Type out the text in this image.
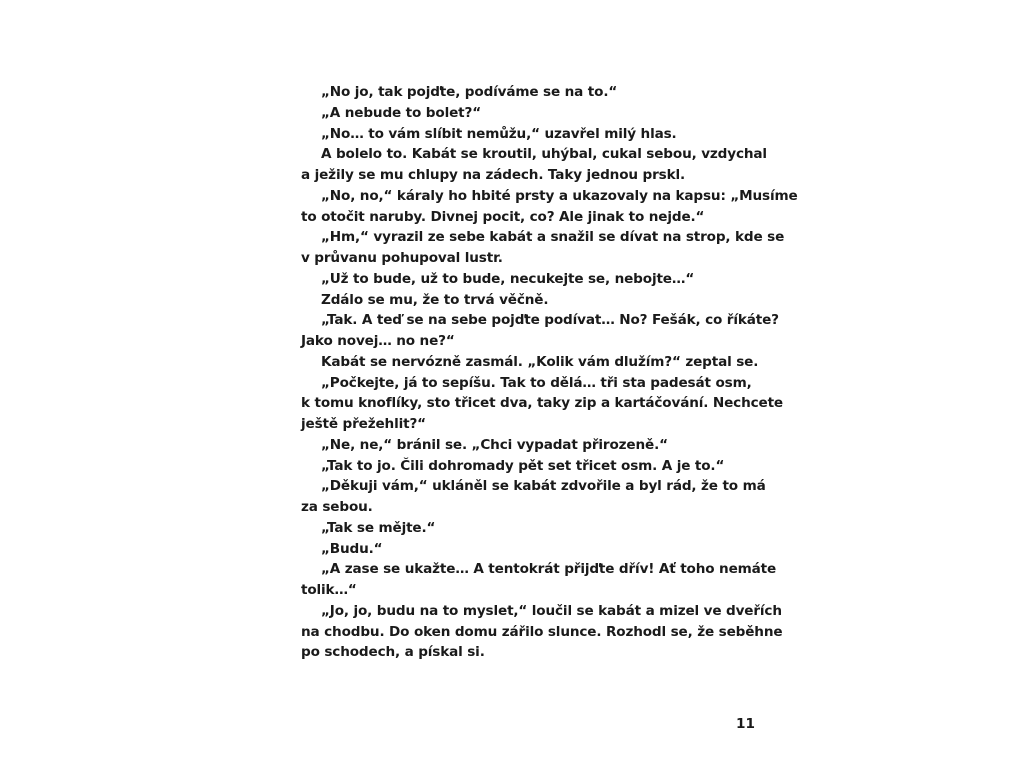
„No jo, tak pojďte, podíváme se na to.“

„A nebude to bolet?“

„No… to vám slíbit nemůžu,“ uzavřel milý hlas.

A bolelo to. Kabát se kroutil, uhýbal, cukal sebou, vzdychal
a ježily se mu chlupy na zádech. Taky jednou prskl.

„No, no,“ káraly ho hbité prsty a ukazovaly na kapsu: „Musíme
to otočit naruby. Divnej pocit, co? Ale jinak to nejde.“

„Hm,“ vyrazil ze sebe kabát a snažil se dívat na strop, kde se
v průvanu pohupoval lustr.

„Už to bude, už to bude, necukejte se, nebojte…“

Zdálo se mu, že to trvá věčně.

„Tak. A teď se na sebe pojďte podívat… No? Fešák, co říkáte?
Jako novej… no ne?“

Kabát se nervózně zasmál. „Kolik vám dlužím?“ zeptal se.

„Počkejte, já to sepíšu. Tak to dělá… tři sta padesát osm,
k tomu knoflíky, sto třicet dva, taky zip a kartáčování. Nechcete
ještě přežehlit?“

„Ne, ne,“ bránil se. „Chci vypadat přirozeně.“

„Tak to jo. Čili dohromady pět set třicet osm. A je to.“

„Děkuji vám,“ ukláněl se kabát zdvořile a byl rád, že to má
za sebou.

„Tak se mějte.“

„Budu.“

„A zase se ukažte… A tentokrát přijďte dřív! Ať toho nemáte
tolik…“

„Jo, jo, budu na to myslet,“ loučil se kabát a mizel ve dveřích
na chodbu. Do oken domu zářilo slunce. Rozhodl se, že seběhne
po schodech, a pískal si.

11
